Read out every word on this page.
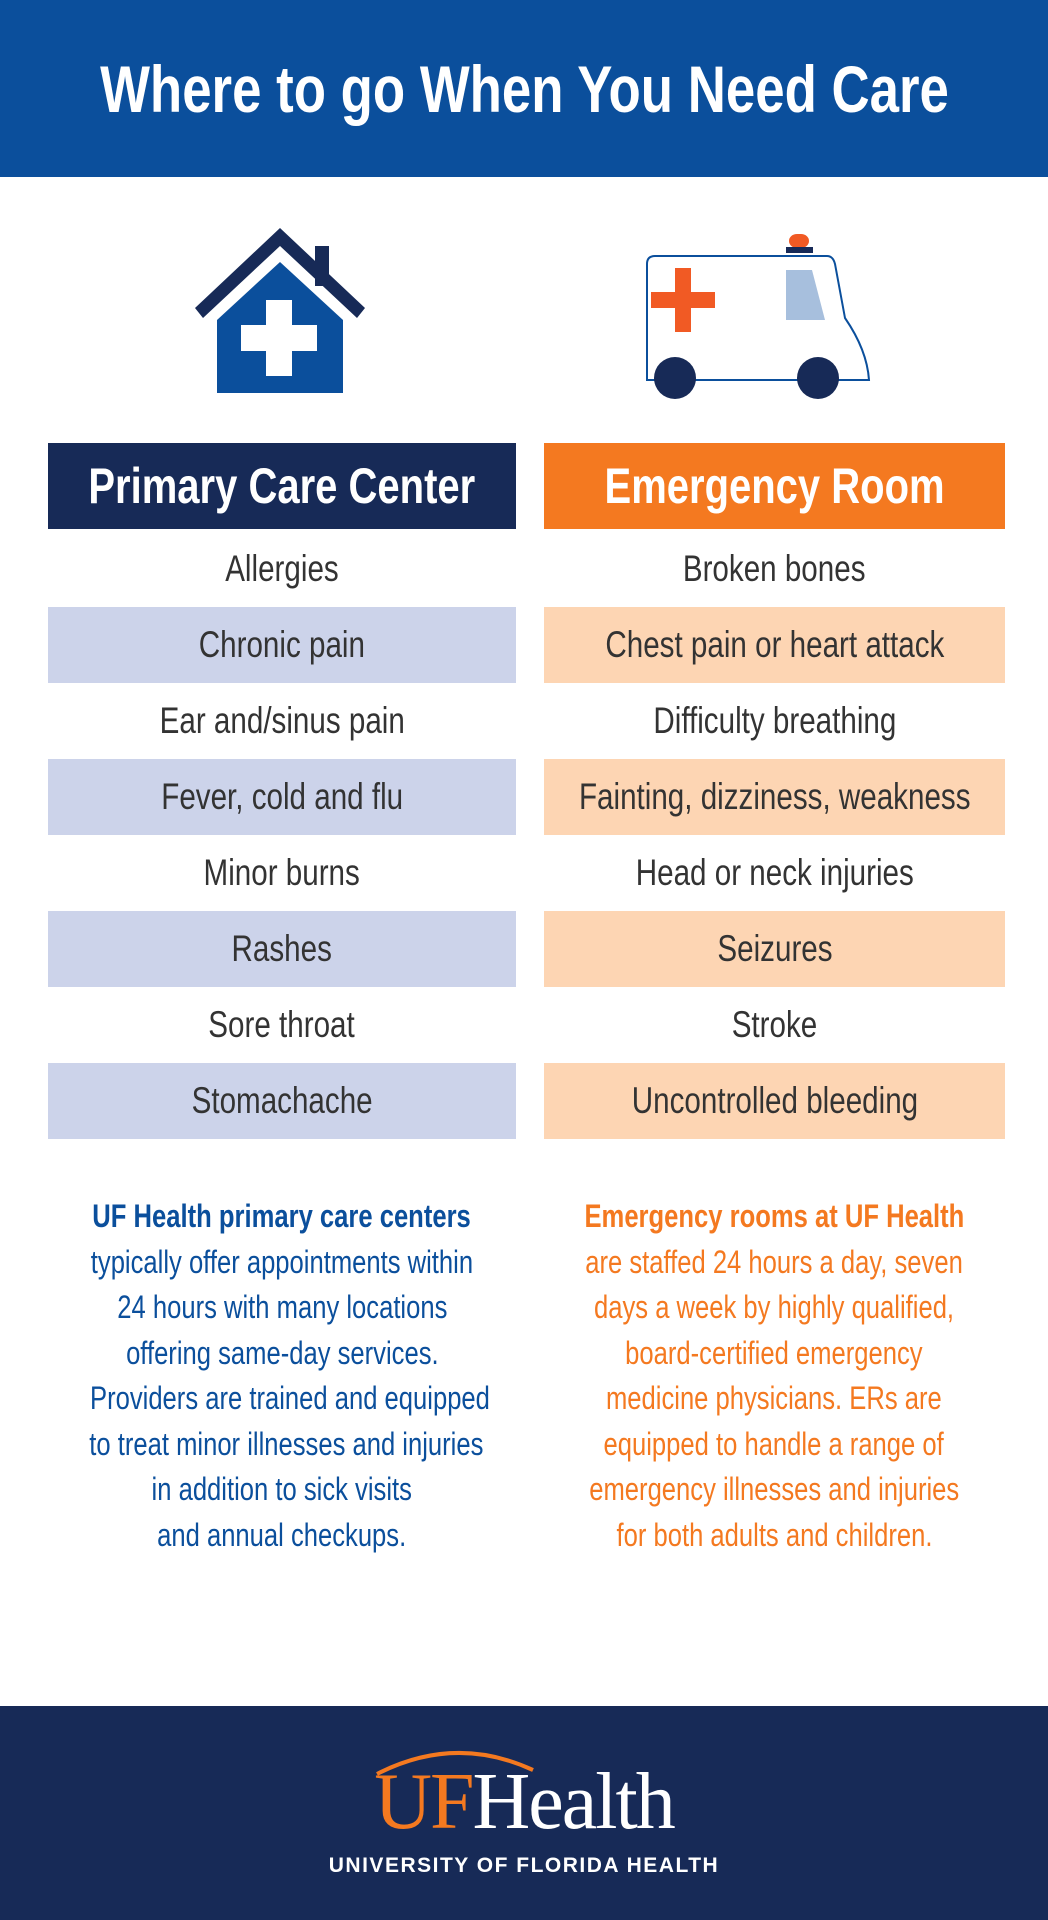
Where to go When You Need Care
Primary Care Center	Emergency Room
Allergies
Chronic pain
Ear and/sinus pain
Fever, cold and flu
Minor burns
Rashes
Sore throat
Stomachache
Broken bones
Chest pain or heart attack
Difficulty breathing
Fainting, dizziness, weakness
Head or neck injuries
Seizures
Stroke
Uncontrolled bleeding
UF Health primary care centers
typically offer appointments within
24 hours with many locations
offering same-day services.
Providers are trained and equipped
to treat minor illnesses and injuries
in addition to sick visits
and annual checkups.
Emergency rooms at UF Health
are staffed 24 hours a day, seven
days a week by highly qualified,
board-certified emergency
medicine physicians. ERs are
equipped to handle a range of
emergency illnesses and injuries
for both adults and children.
UFHealth
UNIVERSITY OF FLORIDA HEALTH
